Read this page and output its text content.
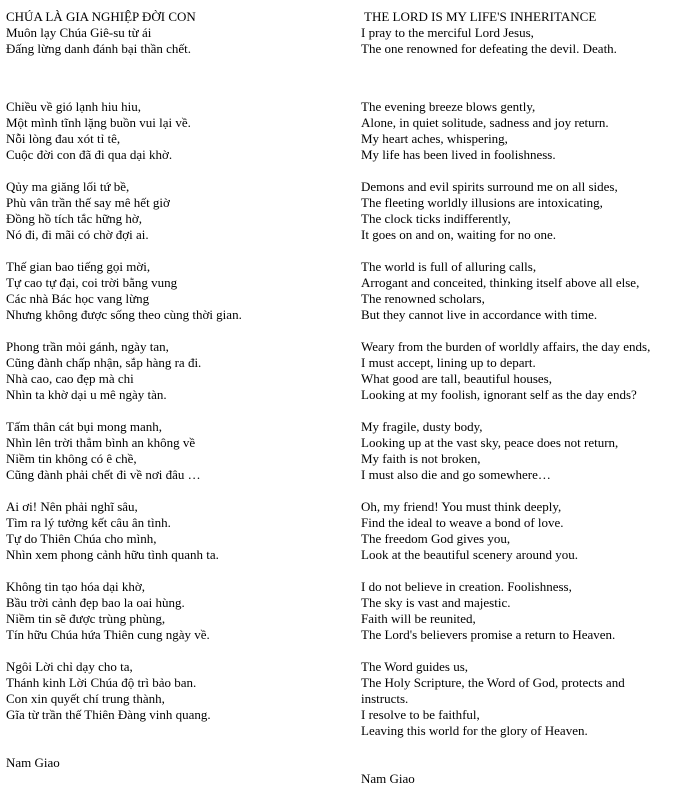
CHÚA LÀ GIA NGHIỆP ĐỜI CON
Muôn lạy Chúa Giê-su từ ái
Đấng lừng danh đánh bại thần chết.
Chiều về gió lạnh hiu hiu,
Một mình tĩnh lặng buồn vui lại về.
Nỗi lòng đau xót tỉ tê,
Cuộc đời con đã đi qua dại khờ.
Qủy ma giăng lối tứ bề,
Phù vân trần thế say mê hết giờ
Đồng hồ tích tắc hững hờ,
Nó đi, đi mãi có chờ đợi ai.
Thế gian bao tiếng gọi mời,
Tự cao tự đại, coi trời bằng vung
Các nhà Bác học vang lừng
Nhưng không được sống theo cùng thời gian.
Phong trần mỏi gánh, ngày tan,
Cũng đành chấp nhận, sắp hàng ra đi.
Nhà cao, cao đẹp mà chi
Nhìn ta khờ dại u mê ngày tàn.
Tấm thân cát bụi mong manh,
Nhìn lên trời thẳm bình an không về
Niềm tin không có ê chề,
Cũng đành phải chết đi về nơi đâu …
Ai ơi! Nên phải nghĩ sâu,
Tìm ra lý tưởng kết câu ân tình.
Tự do Thiên Chúa cho mình,
Nhìn xem phong cảnh hữu tình quanh ta.
Không tin tạo hóa dại khờ,
Bầu trời cảnh đẹp bao la oai hùng.
Niềm tin sẽ được trùng phùng,
Tín hữu Chúa hứa Thiên cung ngày về.
Ngôi Lời chỉ dạy cho ta,
Thánh kinh Lời Chúa độ trì bảo ban.
Con xin quyết chí trung thành,
Gĩa từ trần thế Thiên Đàng vinh quang.
Nam Giao
THE LORD IS MY LIFE'S INHERITANCE
I pray to the merciful Lord Jesus,
The one renowned for defeating the devil. Death.
The evening breeze blows gently,
Alone, in quiet solitude, sadness and joy return.
My heart aches, whispering,
My life has been lived in foolishness.
Demons and evil spirits surround me on all sides,
The fleeting worldly illusions are intoxicating,
The clock ticks indifferently,
It goes on and on, waiting for no one.
The world is full of alluring calls,
Arrogant and conceited, thinking itself above all else,
The renowned scholars,
But they cannot live in accordance with time.
Weary from the burden of worldly affairs, the day ends,
I must accept, lining up to depart.
What good are tall, beautiful houses,
Looking at my foolish, ignorant self as the day ends?
My fragile, dusty body,
Looking up at the vast sky, peace does not return,
My faith is not broken,
I must also die and go somewhere…
Oh, my friend! You must think deeply,
Find the ideal to weave a bond of love.
The freedom God gives you,
Look at the beautiful scenery around you.
I do not believe in creation. Foolishness,
The sky is vast and majestic.
Faith will be reunited,
The Lord's believers promise a return to Heaven.
The Word guides us,
The Holy Scripture, the Word of God, protects and
instructs.
I resolve to be faithful,
Leaving this world for the glory of Heaven.
Nam Giao
